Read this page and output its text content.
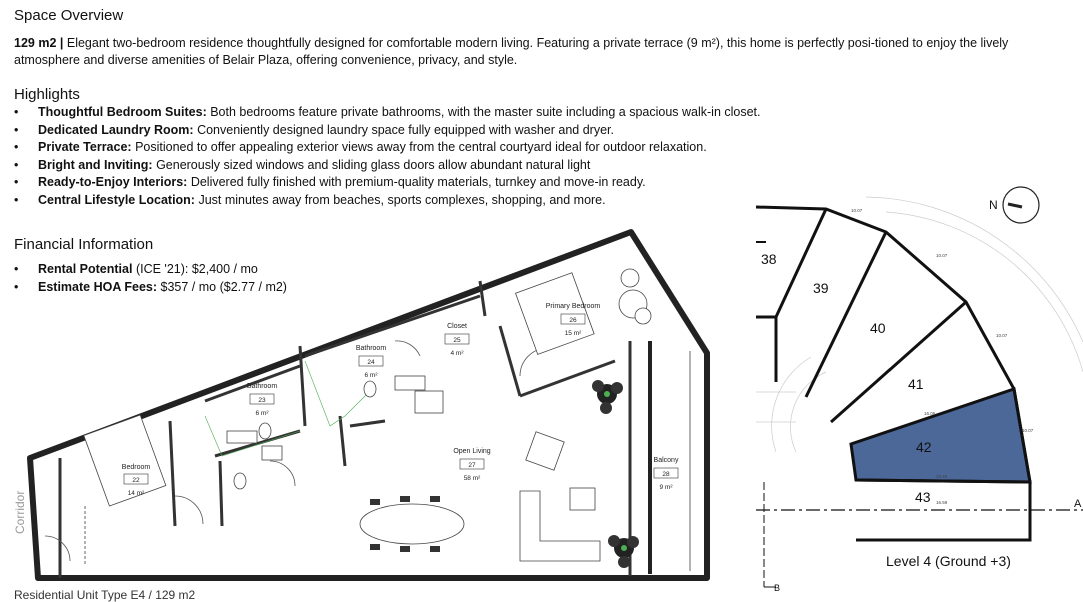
Space Overview

129 m2 | Elegant two-bedroom residence thoughtfully designed for comfortable modern living. Featuring a private terrace (9 m²), this home is perfectly posi-tioned to enjoy the lively atmosphere and diverse amenities of Belair Plaza, offering convenience, privacy, and style.

Highlights
• Thoughtful Bedroom Suites: Both bedrooms feature private bathrooms, with the master suite including a spacious walk-in closet.
• Dedicated Laundry Room: Conveniently designed laundry space fully equipped with washer and dryer.
• Private Terrace: Positioned to offer appealing exterior views away from the central courtyard ideal for outdoor relaxation.
• Bright and Inviting: Generously sized windows and sliding glass doors allow abundant natural light
• Ready-to-Enjoy Interiors: Delivered fully finished with premium-quality materials, turnkey and move-in ready.
• Central Lifestyle Location: Just minutes away from beaches, sports complexes, shopping, and more.
Financial Information
• Rental Potential (ICE '21): $2,400 / mo
• Estimate HOA Fees: $357 / mo ($2.77 / m2)
Corridor
Bedroom
22
14 m²
Bathroom
23
6 m²
Bathroom
24
6 m²
Closet
25
4 m²
Primary Bedroom
26
15 m²
Open Living
27
58 m²
Balcony
28
9 m²
N
10.07
10.07
10.07
10.07
16.06
16.45
16.59
38
39
40
41
42
43
Level 4 (Ground +3)
A
B
Residential Unit Type E4 / 129 m2
